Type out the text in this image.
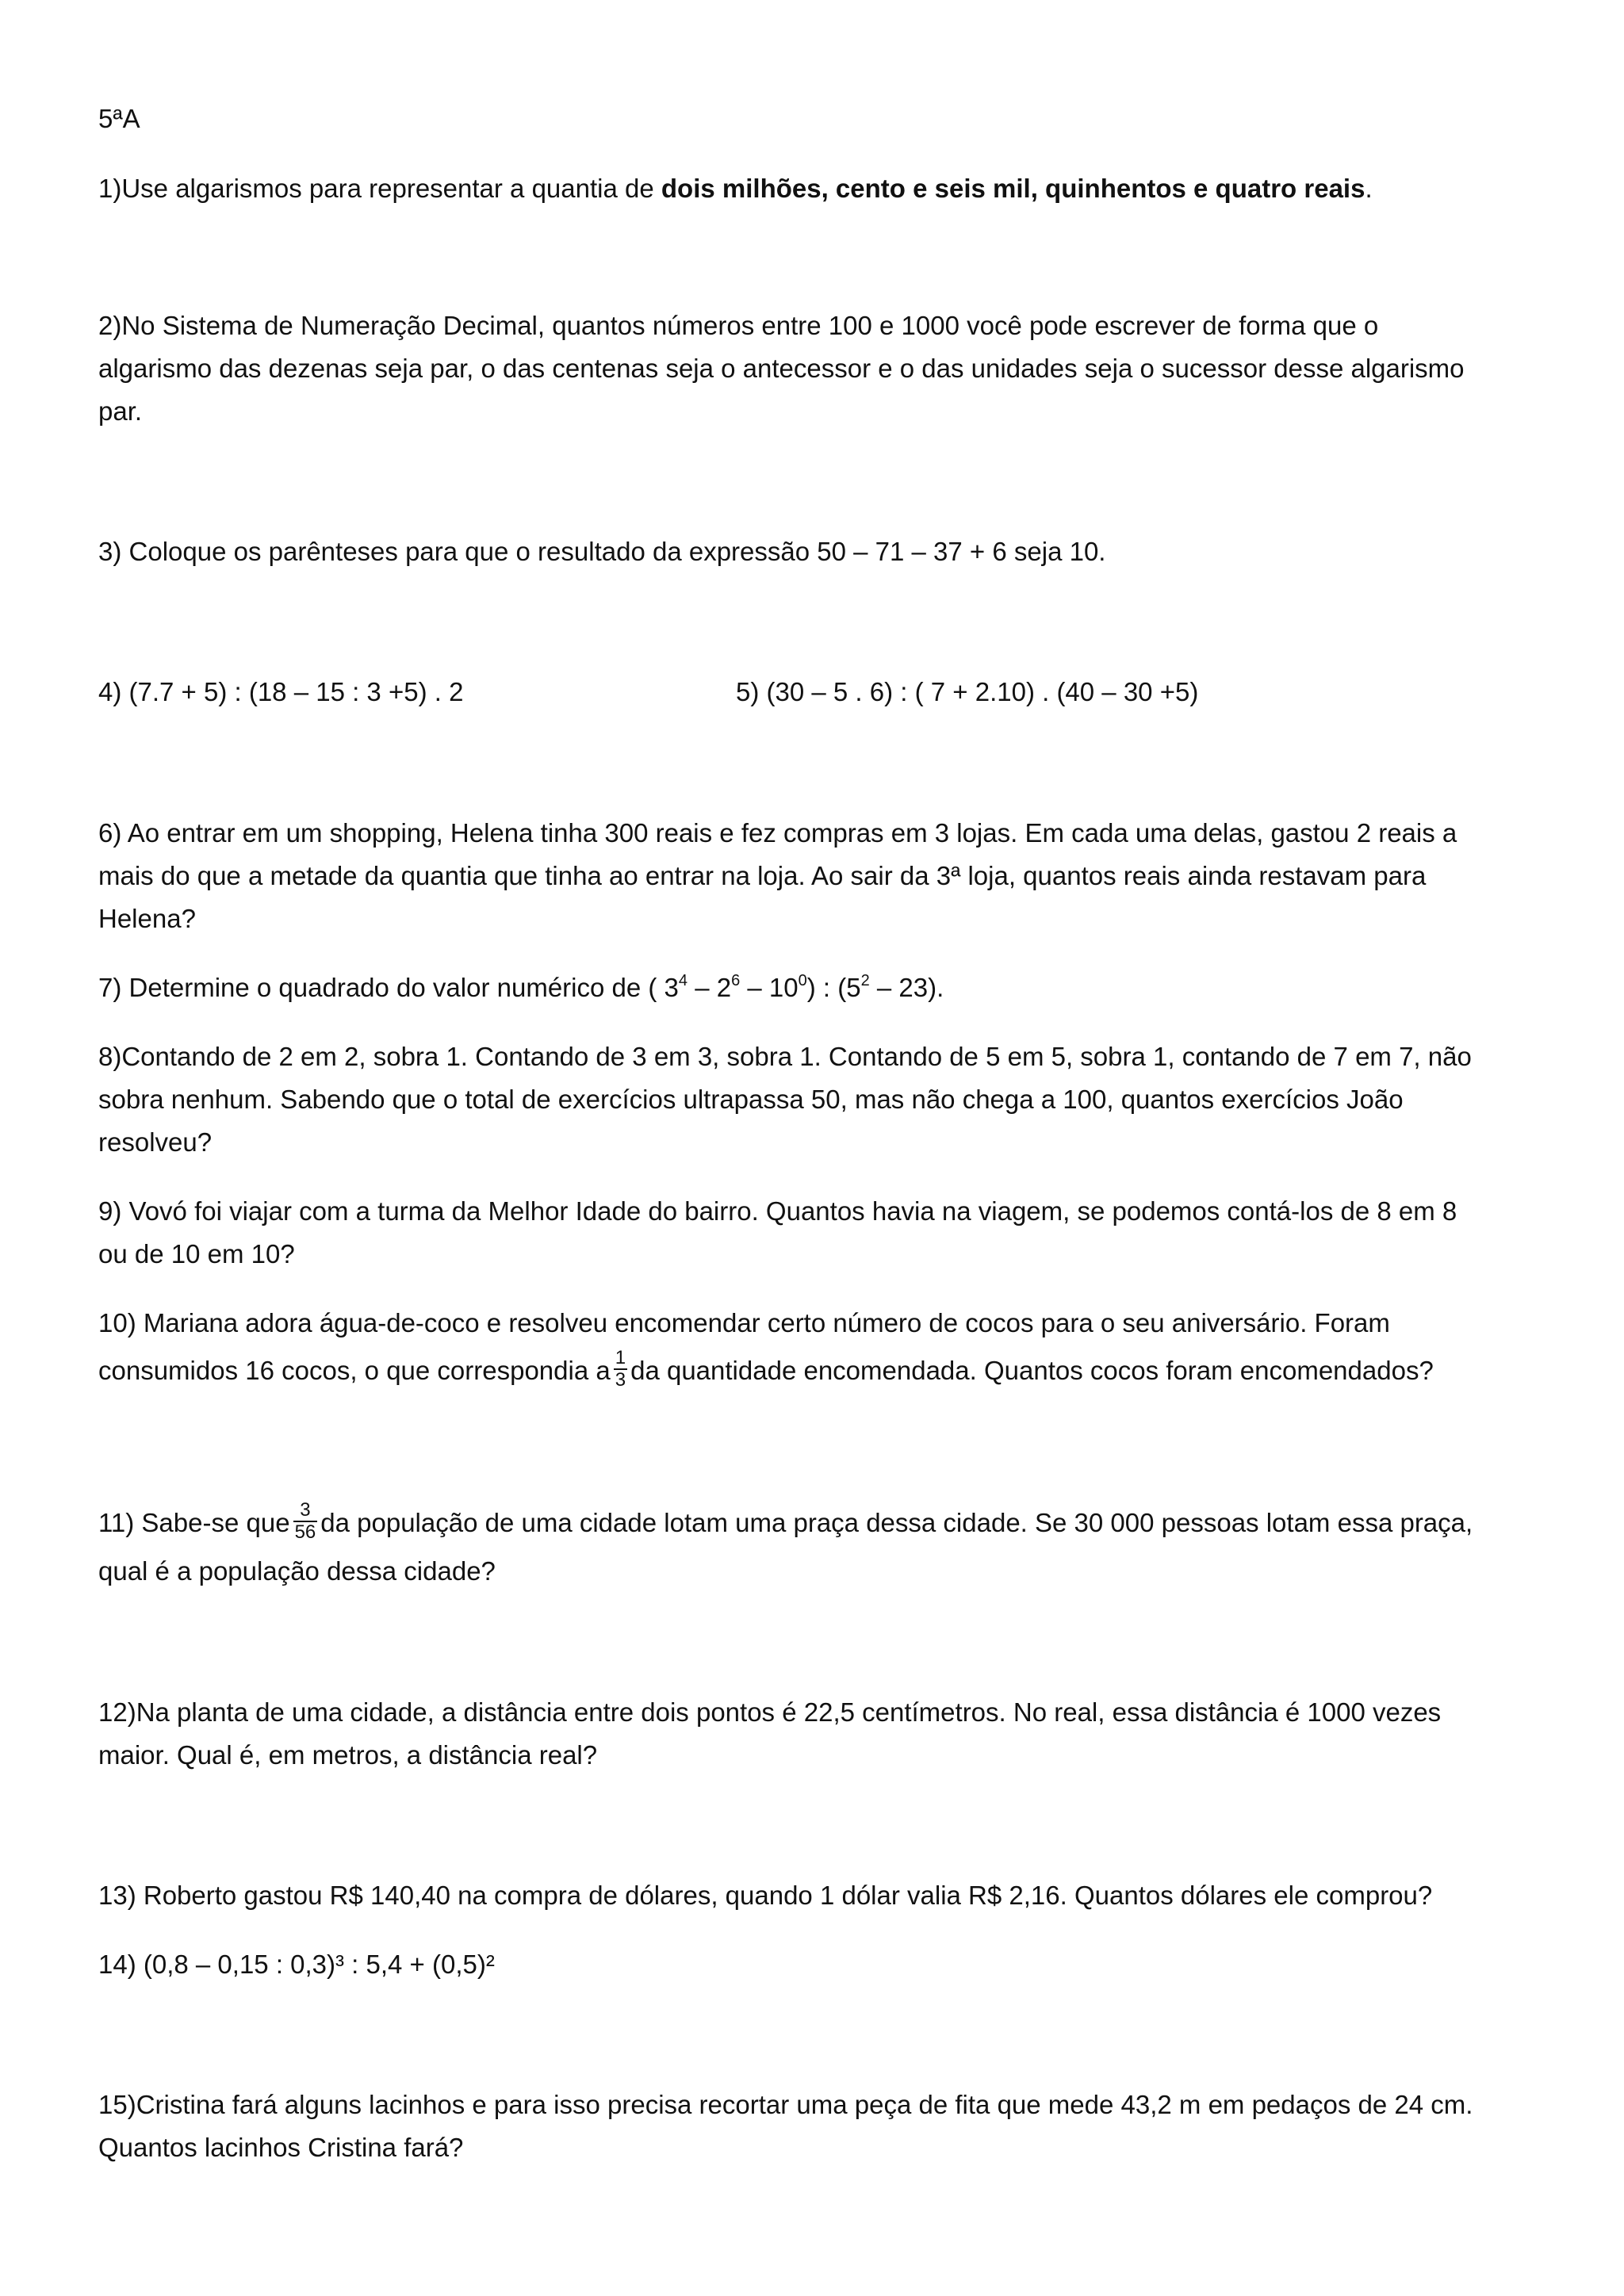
5ªA
1)Use algarismos para representar a quantia de dois milhões, cento e seis mil, quinhentos e quatro reais.
2)No Sistema de Numeração Decimal, quantos números entre 100 e 1000 você pode escrever de forma que o
algarismo das dezenas seja par, o das centenas seja o antecessor e o das unidades seja o sucessor desse algarismo
par.
3) Coloque os parênteses para que o resultado da expressão 50 – 71 – 37 + 6 seja 10.
4) (7.7 + 5) : (18 – 15 : 3 +5) . 2	5) (30 – 5 . 6) : ( 7 + 2.10) . (40 – 30 +5)
6) Ao entrar em um shopping, Helena tinha 300 reais e fez compras em 3 lojas. Em cada uma delas, gastou 2 reais a
mais do que a metade da quantia que tinha ao entrar na loja. Ao sair da 3ª loja, quantos reais ainda restavam para
Helena?
7) Determine o quadrado do valor numérico de ( $3^4 - 2^6 - 10^0$) : $(5^2 - 23)$.
8)Contando de 2 em 2, sobra 1. Contando de 3 em 3, sobra 1. Contando de 5 em 5, sobra 1, contando de 7 em 7, não
sobra nenhum. Sabendo que o total de exercícios ultrapassa 50, mas não chega a 100, quantos exercícios João
resolveu?
9) Vovó foi viajar com a turma da Melhor Idade do bairro. Quantos havia na viagem, se podemos contá-los de 8 em 8
ou de 10 em 10?
10) Mariana adora água-de-coco e resolveu encomendar certo número de cocos para o seu aniversário. Foram
consumidos 16 cocos, o que correspondia a $\frac{1}{3}$ da quantidade encomendada. Quantos cocos foram encomendados?
11) Sabe-se que $\frac{3}{56}$ da população de uma cidade lotam uma praça dessa cidade. Se 30 000 pessoas lotam essa praça,
qual é a população dessa cidade?
12)Na planta de uma cidade, a distância entre dois pontos é 22,5 centímetros. No real, essa distância é 1000 vezes
maior. Qual é, em metros, a distância real?
13) Roberto gastou R$ 140,40 na compra de dólares, quando 1 dólar valia R$ 2,16. Quantos dólares ele comprou?
14) (0,8 – 0,15 : 0,3)³ : 5,4 + (0,5)²
15)Cristina fará alguns lacinhos e para isso precisa recortar uma peça de fita que mede 43,2 m em pedaços de 24 cm.
Quantos lacinhos Cristina fará?
